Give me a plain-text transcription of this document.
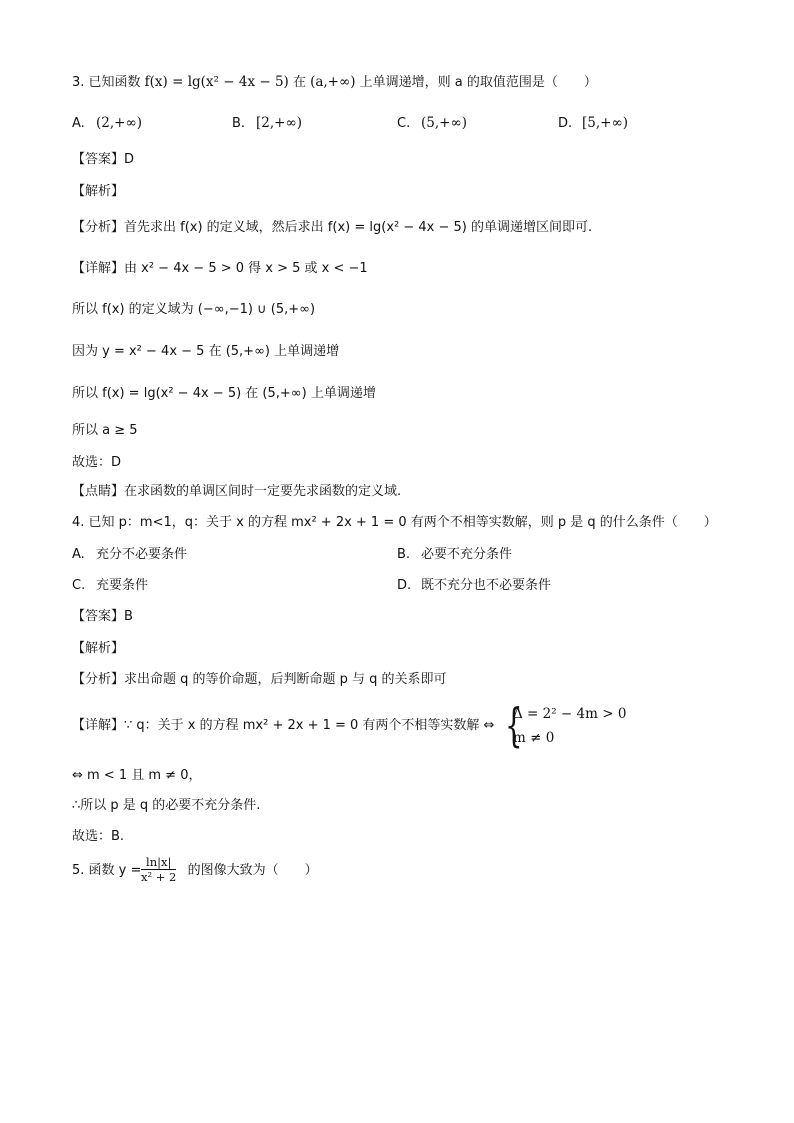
3. 已知函数 f(x) = lg(x² − 4x − 5) 在 (a,+∞) 上单调递增，则 a 的取值范围是（　　）
A. (2,+∞)	B. [2,+∞)	C. (5,+∞)	D. [5,+∞)
【答案】D
【解析】
【分析】首先求出 f(x) 的定义域，然后求出 f(x) = lg(x² − 4x − 5) 的单调递增区间即可.
【详解】由 x² − 4x − 5 > 0 得 x > 5 或 x < −1
所以 f(x) 的定义域为 (−∞,−1) ∪ (5,+∞)
因为 y = x² − 4x − 5 在 (5,+∞) 上单调递增
所以 f(x) = lg(x² − 4x − 5) 在 (5,+∞) 上单调递增
所以 a ≥ 5
故选：D
【点睛】在求函数的单调区间时一定要先求函数的定义域.
4. 已知 p：m<1，q：关于 x 的方程 mx² + 2x + 1 = 0 有两个不相等实数解，则 p 是 q 的什么条件（　　）
A. 充分不必要条件	B. 必要不充分条件
C. 充要条件	D. 既不充分也不必要条件
【答案】B
【解析】
【分析】求出命题 q 的等价命题，后判断命题 p 与 q 的关系即可
【详解】∵ q：关于 x 的方程 mx² + 2x + 1 = 0 有两个不相等实数解 ⇔ {
Δ = 2² − 4m > 0
m ≠ 0
⇔ m < 1 且 m ≠ 0，
∴所以 p 是 q 的必要不充分条件.
故选：B.
5. 函数 y =	的图像大致为（　　）
$\frac{\ln|x|}{\text{x² + 2}}$
